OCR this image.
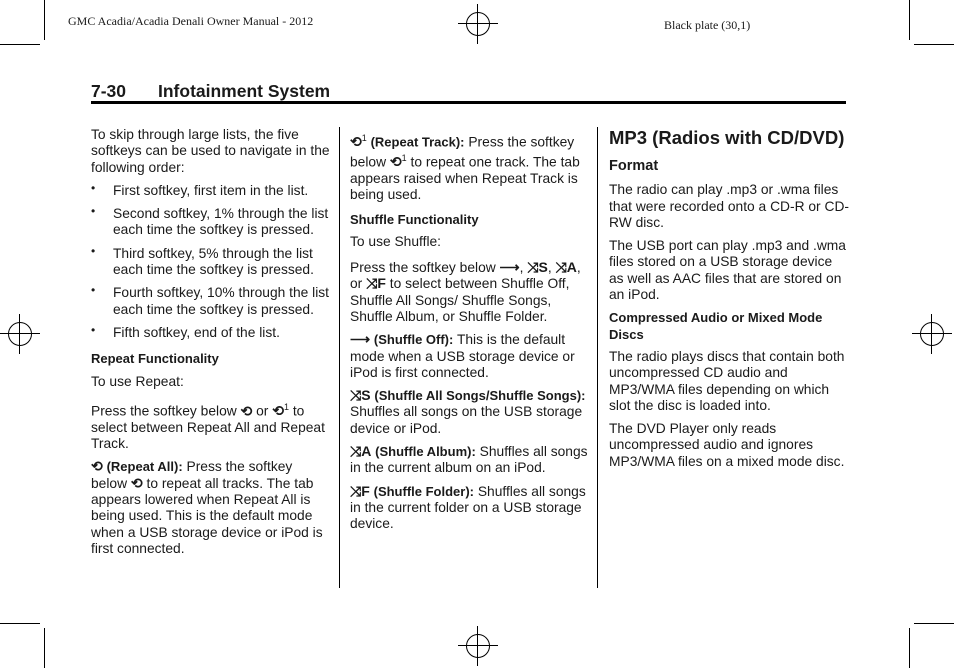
GMC Acadia/Acadia Denali Owner Manual - 2012	Black plate (30,1)
7-30 Infotainment System

To skip through large lists, the five softkeys can be used to navigate in the following order:

• First softkey, first item in the list.
• Second softkey, 1% through the list each time the softkey is pressed.
• Third softkey, 5% through the list each time the softkey is pressed.
• Fourth softkey, 10% through the list each time the softkey is pressed.
• Fifth softkey, end of the list.
Repeat Functionality

To use Repeat:

Press the softkey below ⟲ or ⟲$^1$ to select between Repeat All and Repeat Track.

⟲ (Repeat All): Press the softkey below ⟲ to repeat all tracks. The tab appears lowered when Repeat All is being used. This is the default mode when a USB storage device or iPod is first connected.

⟲$^1$ (Repeat Track): Press the softkey below ⟲$^1$ to repeat one track. The tab appears raised when Repeat Track is being used.

Shuffle Functionality

To use Shuffle:

Press the softkey below ⟶, ⤨S, ⤨A, or ⤨F to select between Shuffle Off, Shuffle All Songs/ Shuffle Songs, Shuffle Album, or Shuffle Folder.

⟶ (Shuffle Off): This is the default mode when a USB storage device or iPod is first connected.

⤨S (Shuffle All Songs/Shuffle Songs): Shuffles all songs on the USB storage device or iPod.

⤨A (Shuffle Album): Shuffles all songs in the current album on an iPod.

⤨F (Shuffle Folder): Shuffles all songs in the current folder on a USB storage device.

MP3 (Radios with CD/DVD)
Format

The radio can play .mp3 or .wma files that were recorded onto a CD-R or CD-RW disc.

The USB port can play .mp3 and .wma files stored on a USB storage device as well as AAC files that are stored on an iPod.

Compressed Audio or Mixed Mode Discs

The radio plays discs that contain both uncompressed CD audio and MP3/WMA files depending on which slot the disc is loaded into.

The DVD Player only reads uncompressed audio and ignores MP3/WMA files on a mixed mode disc.
